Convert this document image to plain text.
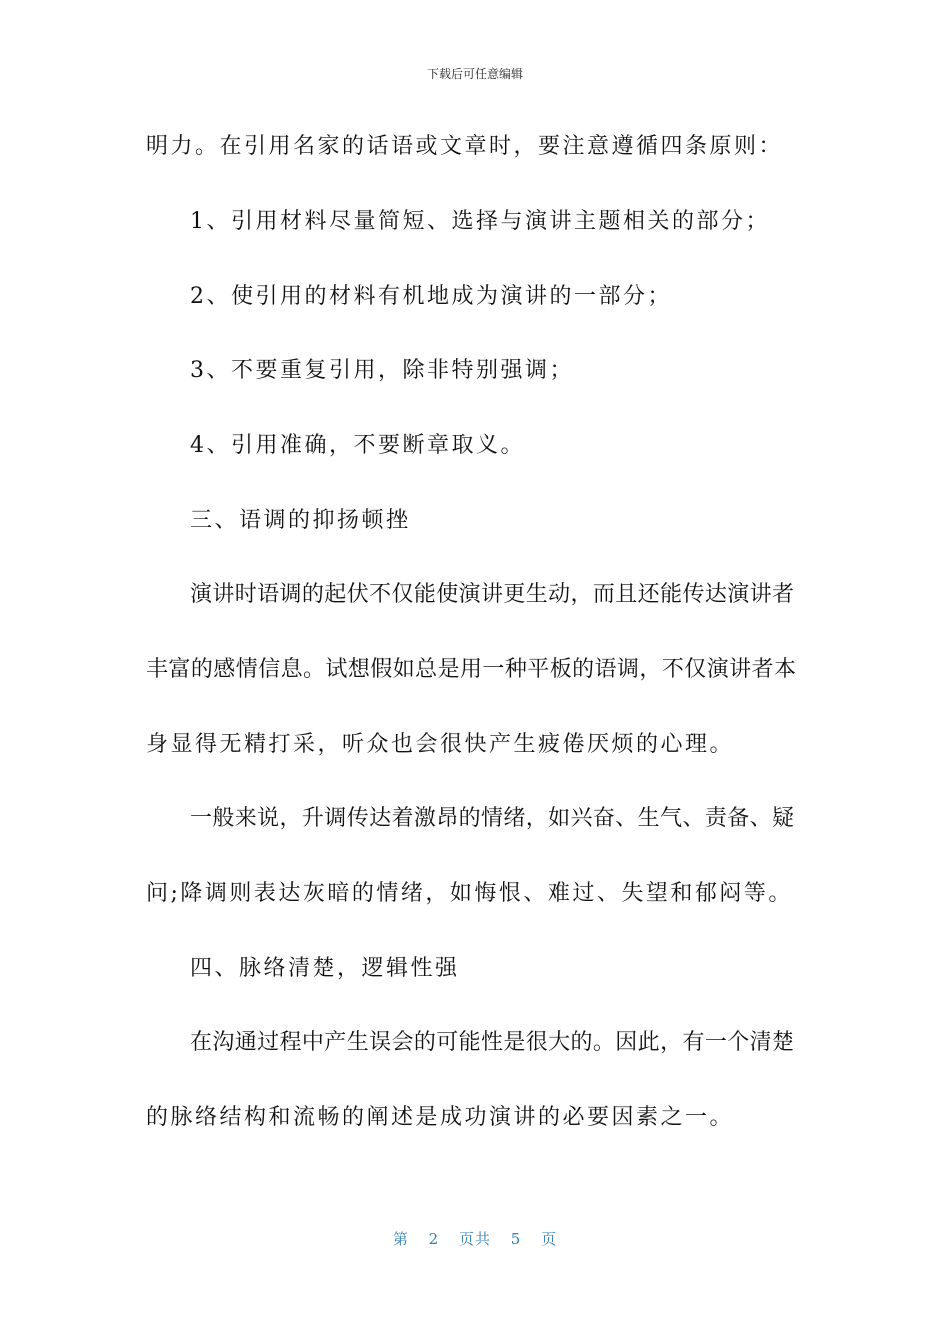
下载后可任意编辑
明力。在引用名家的话语或文章时，要注意遵循四条原则：
1、引用材料尽量简短、选择与演讲主题相关的部分；
2、使引用的材料有机地成为演讲的一部分；
3、不要重复引用，除非特别强调；
4、引用准确，不要断章取义。
三、语调的抑扬顿挫
演讲时语调的起伏不仅能使演讲更生动，而且还能传达演讲者
丰富的感情信息。试想假如总是用一种平板的语调，不仅演讲者本
身显得无精打采，听众也会很快产生疲倦厌烦的心理。
一般来说，升调传达着激昂的情绪，如兴奋、生气、责备、疑
问;降调则表达灰暗的情绪，如悔恨、难过、失望和郁闷等。
四、脉络清楚，逻辑性强
在沟通过程中产生误会的可能性是很大的。因此，有一个清楚
的脉络结构和流畅的阐述是成功演讲的必要因素之一。
第 2 页共 5 页
